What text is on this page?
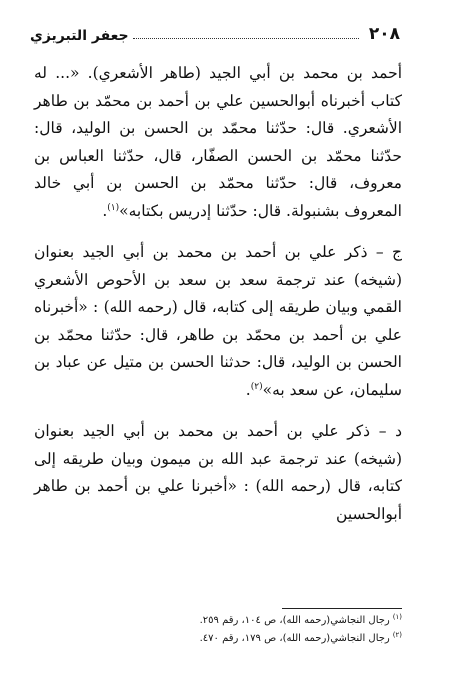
٢٠٨
جعفر التبريزي

أحمد بن محمد بن أبي الجيد (طاهر الأشعري). «... له كتاب أخبرناه أبوالحسين علي بن أحمد بن محمّد بن طاهر الأشعري. قال: حدّثنا محمّد بن الحسن بن الوليد، قال: حدّثنا محمّد بن الحسن الصفّار، قال، حدّثنا العباس بن معروف، قال: حدّثنا محمّد بن الحسن بن أبي خالد المعروف بشنبولة. قال: حدّثنا إدريس بكتابه»$^{(١)}$.

ج – ذكر علي بن أحمد بن محمد بن أبي الجيد بعنوان (شيخه) عند ترجمة سعد بن سعد بن الأحوص الأشعري القمي وبيان طريقه إلى كتابه، قال (رحمه الله) : «أخبرناه علي بن أحمد بن محمّد بن طاهر، قال: حدّثنا محمّد بن الحسن بن الوليد، قال: حدثنا الحسن بن متيل عن عباد بن سليمان، عن سعد به»$^{(٢)}$.

د – ذكر علي بن أحمد بن محمد بن أبي الجيد بعنوان (شيخه) عند ترجمة عبد الله بن ميمون وبيان طريقه إلى كتابه، قال (رحمه الله) : «أخبرنا علي بن أحمد بن طاهر أبوالحسين

$^{(١)}$رجال النجاشي(رحمه الله)، ص ١٠٤، رقم ٢٥٩.

$^{(٢)}$رجال النجاشي(رحمه الله)، ص ١٧٩، رقم ٤٧٠.
